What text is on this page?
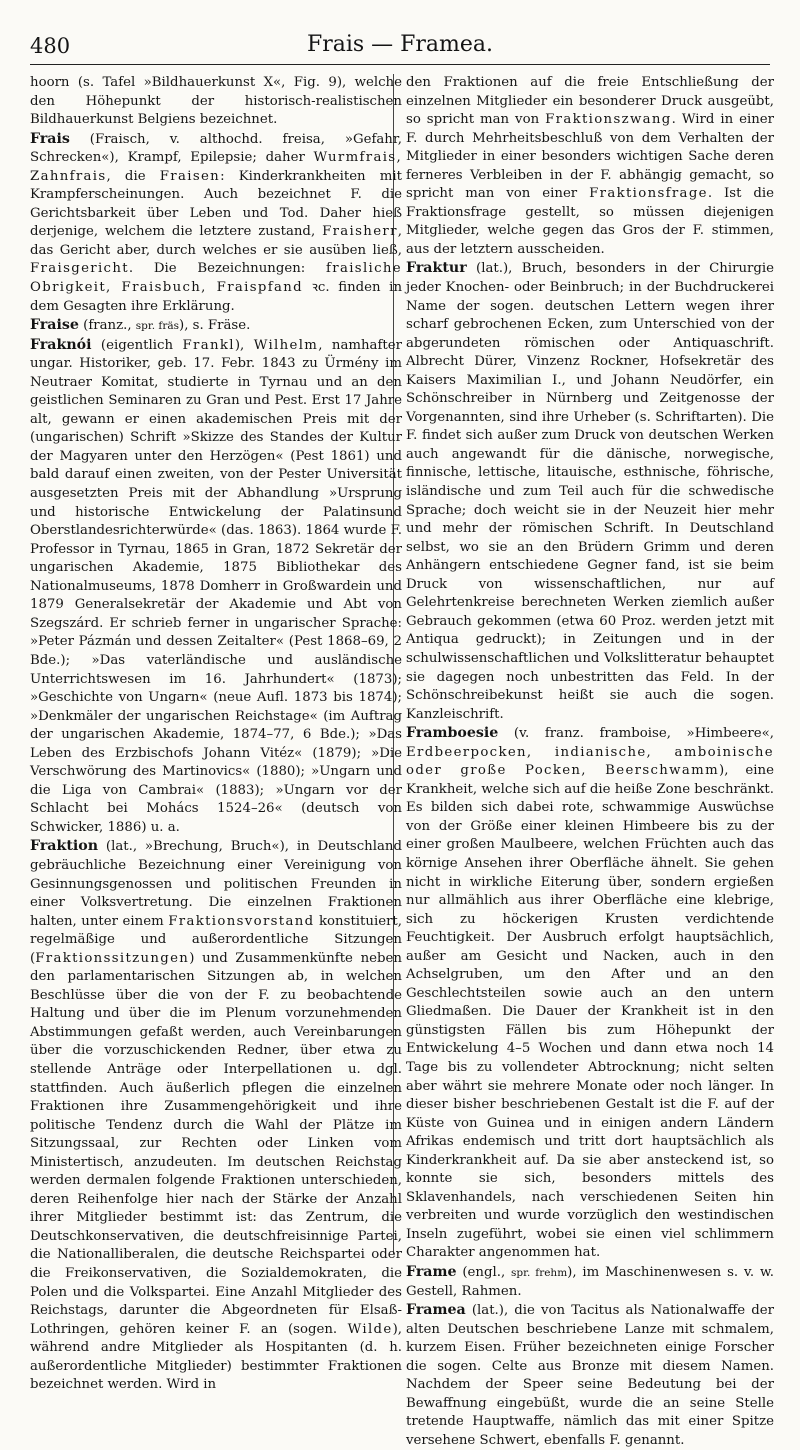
480	Frais — Framea.

hoorn (s. Tafel »Bildhauerkunst X«, Fig. 9), welche den Höhepunkt der historisch-realistischen Bildhauerkunst Belgiens bezeichnet.

Frais (Fraisch, v. althochd. freisa, »Gefahr, Schrecken«), Krampf, Epilepsie; daher Wurmfrais, Zahnfrais, die Fraisen: Kinderkrankheiten mit Krampferscheinungen. Auch bezeichnet F. die Gerichtsbarkeit über Leben und Tod. Daher hieß derjenige, welchem die letztere zustand, Fraisherr, das Gericht aber, durch welches er sie ausüben ließ, Fraisgericht. Die Bezeichnungen: fraisliche Obrigkeit, Fraisbuch, Fraispfand ꝛc. finden in dem Gesagten ihre Erklärung.

Fraise (franz., spr. fräs), s. Fräse.

Fraknói (eigentlich Frankl), Wilhelm, namhafter ungar. Historiker, geb. 17. Febr. 1843 zu Ürmény im Neutraer Komitat, studierte in Tyrnau und an den geistlichen Seminaren zu Gran und Pest. Erst 17 Jahre alt, gewann er einen akademischen Preis mit der (ungarischen) Schrift »Skizze des Standes der Kultur der Magyaren unter den Herzögen« (Pest 1861) und bald darauf einen zweiten, von der Pester Universität ausgesetzten Preis mit der Abhandlung »Ursprung und historische Entwickelung der Palatinsund Oberstlandesrichterwürde« (das. 1863). 1864 wurde F. Professor in Tyrnau, 1865 in Gran, 1872 Sekretär der ungarischen Akademie, 1875 Bibliothekar des Nationalmuseums, 1878 Domherr in Großwardein und 1879 Generalsekretär der Akademie und Abt von Szegszárd. Er schrieb ferner in ungarischer Sprache: »Peter Pázmán und dessen Zeitalter« (Pest 1868–69, 2 Bde.); »Das vaterländische und ausländische Unterrichtswesen im 16. Jahrhundert« (1873); »Geschichte von Ungarn« (neue Aufl. 1873 bis 1874); »Denkmäler der ungarischen Reichstage« (im Auftrag der ungarischen Akademie, 1874–77, 6 Bde.); »Das Leben des Erzbischofs Johann Vitéz« (1879); »Die Verschwörung des Martinovics« (1880); »Ungarn und die Liga von Cambrai« (1883); »Ungarn vor der Schlacht bei Mohács 1524–26« (deutsch von Schwicker, 1886) u. a.

Fraktion (lat., »Brechung, Bruch«), in Deutschland gebräuchliche Bezeichnung einer Vereinigung von Gesinnungsgenossen und politischen Freunden in einer Volksvertretung. Die einzelnen Fraktionen halten, unter einem Fraktionsvorstand konstituiert, regelmäßige und außerordentliche Sitzungen (Fraktionssitzungen) und Zusammenkünfte neben den parlamentarischen Sitzungen ab, in welchen Beschlüsse über die von der F. zu beobachtende Haltung und über die im Plenum vorzunehmenden Abstimmungen gefaßt werden, auch Vereinbarungen über die vorzuschickenden Redner, über etwa zu stellende Anträge oder Interpellationen u. dgl. stattfinden. Auch äußerlich pflegen die einzelnen Fraktionen ihre Zusammengehörigkeit und ihre politische Tendenz durch die Wahl der Plätze im Sitzungssaal, zur Rechten oder Linken vom Ministertisch, anzudeuten. Im deutschen Reichstag werden dermalen folgende Fraktionen unterschieden, deren Reihenfolge hier nach der Stärke der Anzahl ihrer Mitglieder bestimmt ist: das Zentrum, die Deutschkonservativen, die deutschfreisinnige Partei, die Nationalliberalen, die deutsche Reichspartei oder die Freikonservativen, die Sozialdemokraten, die Polen und die Volkspartei. Eine Anzahl Mitglieder des Reichstags, darunter die Abgeordneten für Elsaß-Lothringen, gehören keiner F. an (sogen. Wilde), während andre Mitglieder als Hospitanten (d. h. außerordentliche Mitglieder) bestimmter Fraktionen bezeichnet werden. Wird in

den Fraktionen auf die freie Entschließung der einzelnen Mitglieder ein besonderer Druck ausgeübt, so spricht man von Fraktionszwang. Wird in einer F. durch Mehrheitsbeschluß von dem Verhalten der Mitglieder in einer besonders wichtigen Sache deren ferneres Verbleiben in der F. abhängig gemacht, so spricht man von einer Fraktionsfrage. Ist die Fraktionsfrage gestellt, so müssen diejenigen Mitglieder, welche gegen das Gros der F. stimmen, aus der letztern ausscheiden.

Fraktur (lat.), Bruch, besonders in der Chirurgie jeder Knochen- oder Beinbruch; in der Buchdruckerei Name der sogen. deutschen Lettern wegen ihrer scharf gebrochenen Ecken, zum Unterschied von der abgerundeten römischen oder Antiquaschrift. Albrecht Dürer, Vinzenz Rockner, Hofsekretär des Kaisers Maximilian I., und Johann Neudörfer, ein Schönschreiber in Nürnberg und Zeitgenosse der Vorgenannten, sind ihre Urheber (s. Schriftarten). Die F. findet sich außer zum Druck von deutschen Werken auch angewandt für die dänische, norwegische, finnische, lettische, litauische, esthnische, föhrische, isländische und zum Teil auch für die schwedische Sprache; doch weicht sie in der Neuzeit hier mehr und mehr der römischen Schrift. In Deutschland selbst, wo sie an den Brüdern Grimm und deren Anhängern entschiedene Gegner fand, ist sie beim Druck von wissenschaftlichen, nur auf Gelehrtenkreise berechneten Werken ziemlich außer Gebrauch gekommen (etwa 60 Proz. werden jetzt mit Antiqua gedruckt); in Zeitungen und in der schulwissenschaftlichen und Volkslitteratur behauptet sie dagegen noch unbestritten das Feld. In der Schönschreibekunst heißt sie auch die sogen. Kanzleischrift.

Framboesie (v. franz. framboise, »Himbeere«, Erdbeerpocken, indianische, amboinische oder große Pocken, Beerschwamm), eine Krankheit, welche sich auf die heiße Zone beschränkt. Es bilden sich dabei rote, schwammige Auswüchse von der Größe einer kleinen Himbeere bis zu der einer großen Maulbeere, welchen Früchten auch das körnige Ansehen ihrer Oberfläche ähnelt. Sie gehen nicht in wirkliche Eiterung über, sondern ergießen nur allmählich aus ihrer Oberfläche eine klebrige, sich zu höckerigen Krusten verdichtende Feuchtigkeit. Der Ausbruch erfolgt hauptsächlich, außer am Gesicht und Nacken, auch in den Achselgruben, um den After und an den Geschlechtsteilen sowie auch an den untern Gliedmaßen. Die Dauer der Krankheit ist in den günstigsten Fällen bis zum Höhepunkt der Entwickelung 4–5 Wochen und dann etwa noch 14 Tage bis zu vollendeter Abtrocknung; nicht selten aber währt sie mehrere Monate oder noch länger. In dieser bisher beschriebenen Gestalt ist die F. auf der Küste von Guinea und in einigen andern Ländern Afrikas endemisch und tritt dort hauptsächlich als Kinderkrankheit auf. Da sie aber ansteckend ist, so konnte sie sich, besonders mittels des Sklavenhandels, nach verschiedenen Seiten hin verbreiten und wurde vorzüglich den westindischen Inseln zugeführt, wobei sie einen viel schlimmern Charakter angenommen hat.

Frame (engl., spr. frehm), im Maschinenwesen s. v. w. Gestell, Rahmen.

Framea (lat.), die von Tacitus als Nationalwaffe der alten Deutschen beschriebene Lanze mit schmalem, kurzem Eisen. Früher bezeichneten einige Forscher die sogen. Celte aus Bronze mit diesem Namen. Nachdem der Speer seine Bedeutung bei der Bewaffnung eingebüßt, wurde die an seine Stelle tretende Hauptwaffe, nämlich das mit einer Spitze versehene Schwert, ebenfalls F. genannt.
